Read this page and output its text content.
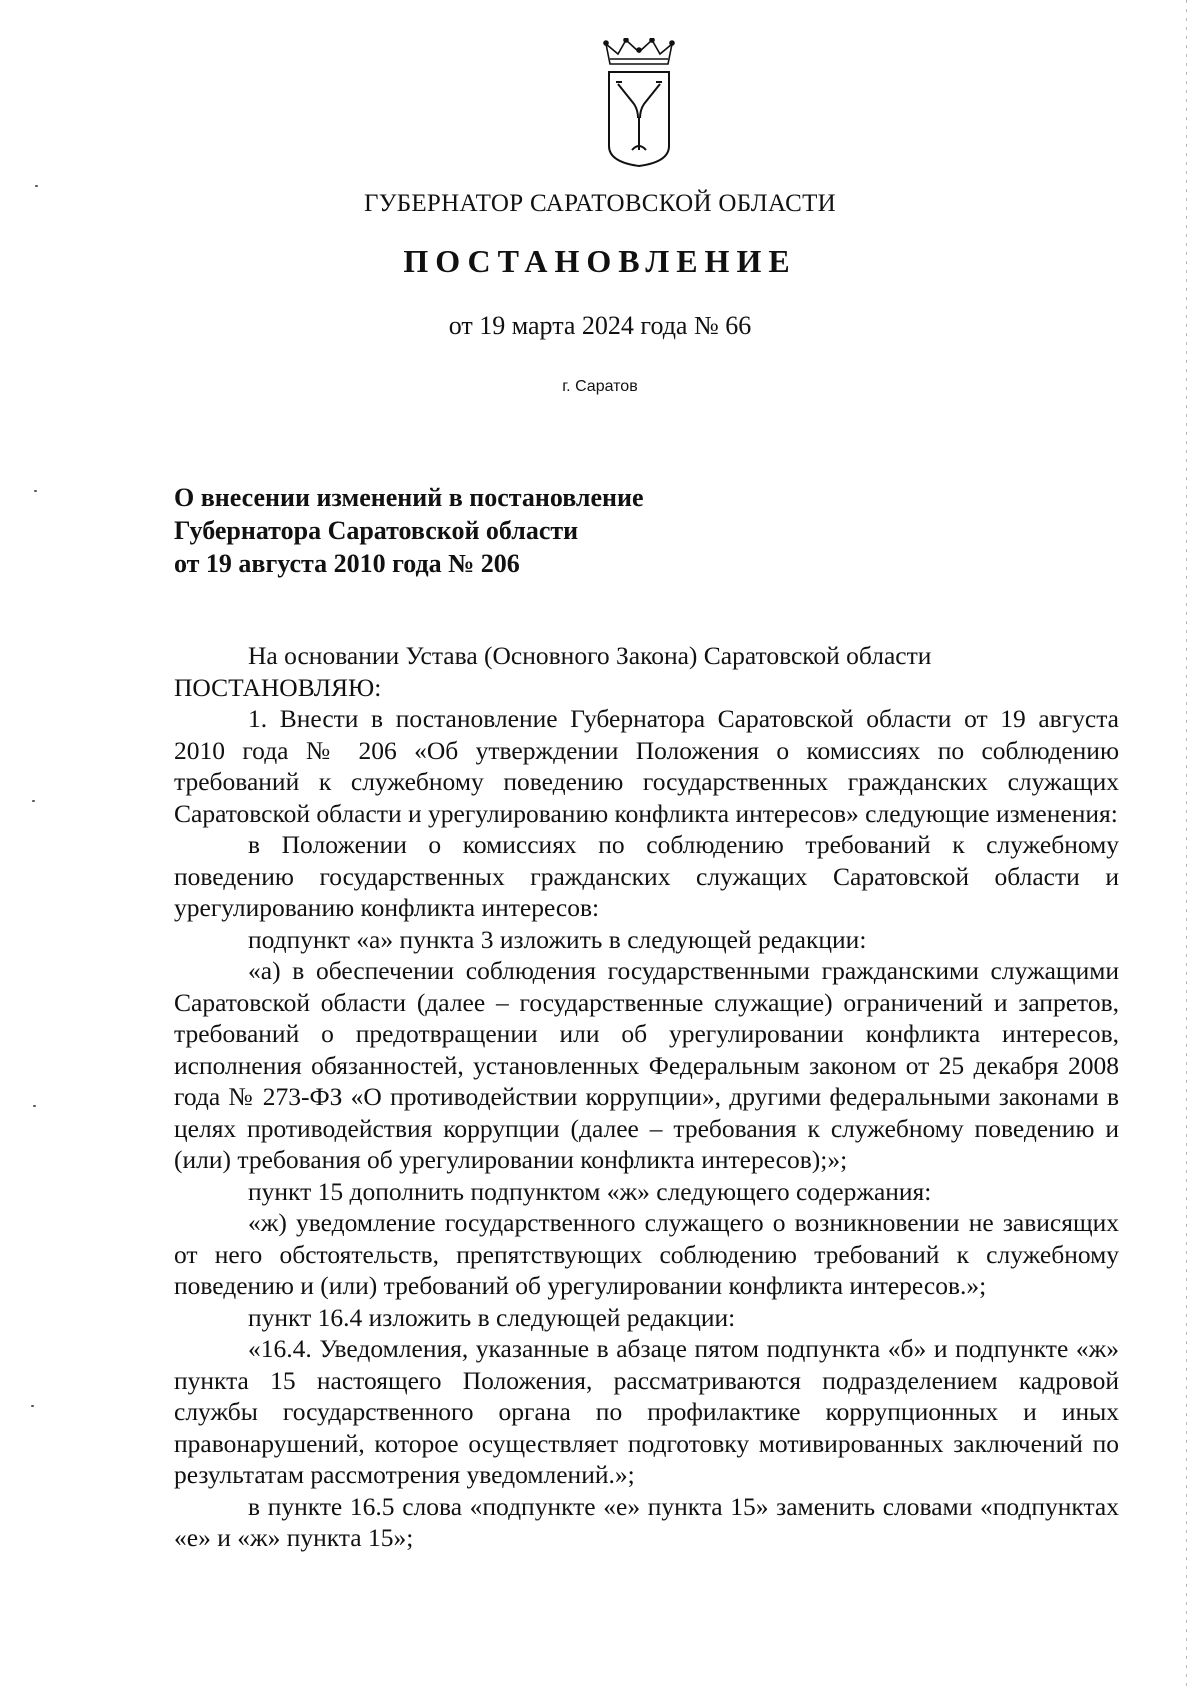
ГУБЕРНАТОР САРАТОВСКОЙ ОБЛАСТИ
ПОСТАНОВЛЕНИЕ
от 19 марта 2024 года № 66
г. Саратов
О внесении изменений в постановление
Губернатора Саратовской области
от 19 августа 2010 года № 206

На основании Устава (Основного Закона) Саратовской области

ПОСТАНОВЛЯЮ:

1. Внести в постановление Губернатора Саратовской области от 19 августа 2010 года № 206 «Об утверждении Положения о комиссиях по соблюдению требований к служебному поведению государственных гражданских служащих Саратовской области и урегулированию конфликта интересов» следующие изменения:

в Положении о комиссиях по соблюдению требований к служебному поведению государственных гражданских служащих Саратовской области и урегулированию конфликта интересов:

подпункт «а» пункта 3 изложить в следующей редакции:

«а) в обеспечении соблюдения государственными гражданскими служащими Саратовской области (далее – государственные служащие) ограничений и запретов, требований о предотвращении или об урегулировании конфликта интересов, исполнения обязанностей, установленных Федеральным законом от 25 декабря 2008 года № 273-ФЗ «О противодействии коррупции», другими федеральными законами в целях противодействия коррупции (далее – требования к служебному поведению и (или) требования об урегулировании конфликта интересов);»;

пункт 15 дополнить подпунктом «ж» следующего содержания:

«ж) уведомление государственного служащего о возникновении не зависящих от него обстоятельств, препятствующих соблюдению требований к служебному поведению и (или) требований об урегулировании конфликта интересов.»;

пункт 16.4 изложить в следующей редакции:

«16.4. Уведомления, указанные в абзаце пятом подпункта «б» и подпункте «ж» пункта 15 настоящего Положения, рассматриваются подразделением кадровой службы государственного органа по профилактике коррупционных и иных правонарушений, которое осуществляет подготовку мотивированных заключений по результатам рассмотрения уведомлений.»;

в пункте 16.5 слова «подпункте «е» пункта 15» заменить словами «подпунктах «е» и «ж» пункта 15»;
